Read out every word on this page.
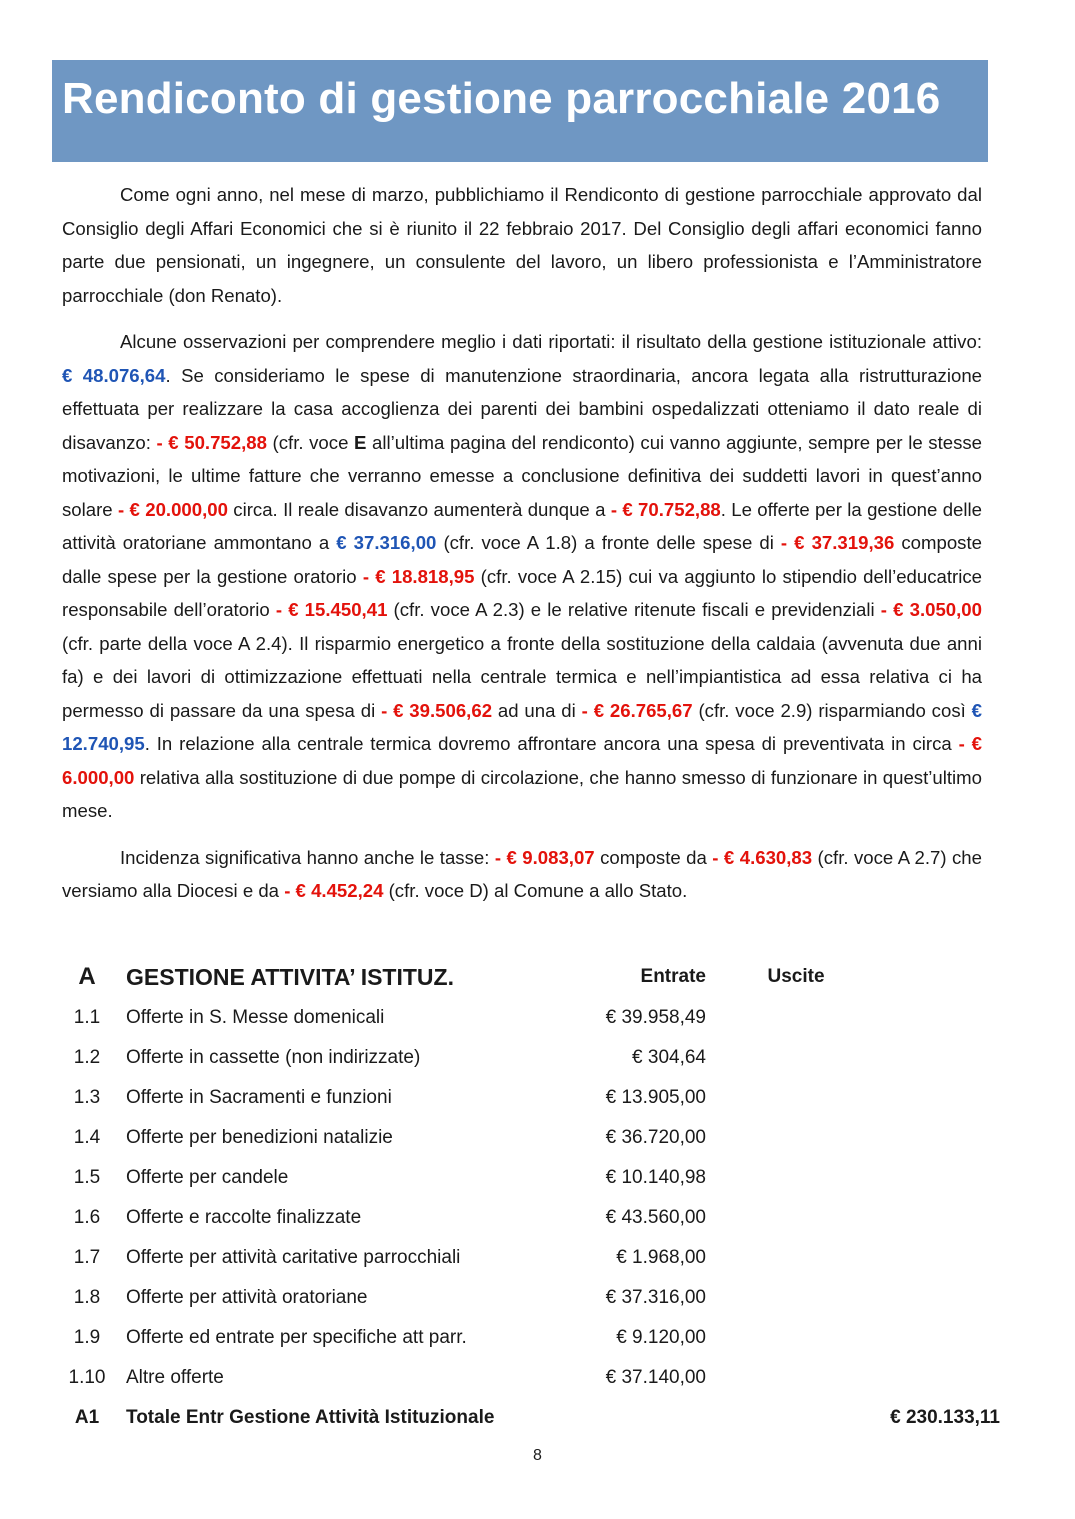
Rendiconto di gestione parrocchiale 2016

Come ogni anno, nel mese di marzo, pubblichiamo il Rendiconto di gestione parrocchiale approvato dal Consiglio degli Affari Economici che si è riunito il 22 febbraio 2017. Del Consiglio degli affari economici fanno parte due pensionati, un ingegnere, un consulente del lavoro, un libero professionista e l’Amministratore parrocchiale (don Renato).

Alcune osservazioni per comprendere meglio i dati riportati: il risultato della gestione istituzionale attivo: € 48.076,64. Se consideriamo le spese di manutenzione straordinaria, ancora legata alla ristrutturazione effettuata per realizzare la casa accoglienza dei parenti dei bambini ospedalizzati otteniamo il dato reale di disavanzo: - € 50.752,88 (cfr. voce E all’ultima pagina del rendiconto) cui vanno aggiunte, sempre per le stesse motivazioni, le ultime fatture che verranno emesse a conclusione definitiva dei suddetti lavori in quest’anno solare - € 20.000,00 circa. Il reale disavanzo aumenterà dunque a - € 70.752,88. Le offerte per la gestione delle attività oratoriane ammontano a € 37.316,00 (cfr. voce A 1.8) a fronte delle spese di - € 37.319,36 composte dalle spese per la gestione oratorio - € 18.818,95 (cfr. voce A 2.15) cui va aggiunto lo stipendio dell’educatrice responsabile dell’oratorio - € 15.450,41 (cfr. voce A 2.3) e le relative ritenute fiscali e previdenziali - € 3.050,00 (cfr. parte della voce A 2.4). Il risparmio energetico a fronte della sostituzione della caldaia (avvenuta due anni fa) e dei lavori di ottimizzazione effettuati nella centrale termica e nell’impiantistica ad essa relativa ci ha permesso di passare da una spesa di - € 39.506,62 ad una di - € 26.765,67 (cfr. voce 2.9) risparmiando così € 12.740,95. In relazione alla centrale termica dovremo affrontare ancora una spesa di preventivata in circa - € 6.000,00 relativa alla sostituzione di due pompe di circolazione, che hanno smesso di funzionare in quest’ultimo mese.

Incidenza significativa hanno anche le tasse: - € 9.083,07 composte da - € 4.630,83 (cfr. voce A 2.7) che versiamo alla Diocesi e da - € 4.452,24 (cfr. voce D) al Comune a allo Stato.

A	GESTIONE ATTIVITA’ ISTITUZ.	Entrate	Uscite	
1.1	Offerte in S. Messe domenicali	€ 39.958,49		
1.2	Offerte in cassette (non indirizzate)	€ 304,64		
1.3	Offerte in Sacramenti e funzioni	€ 13.905,00		
1.4	Offerte per benedizioni natalizie	€ 36.720,00		
1.5	Offerte per candele	€ 10.140,98		
1.6	Offerte e raccolte finalizzate	€ 43.560,00		
1.7	Offerte per attività caritative parrocchiali	€ 1.968,00		
1.8	Offerte per attività oratoriane	€ 37.316,00		
1.9	Offerte ed entrate per specifiche att parr.	€ 9.120,00		
1.10	Altre offerte	€ 37.140,00		
A1	Totale Entr Gestione Attività Istituzionale			€ 230.133,11
8
